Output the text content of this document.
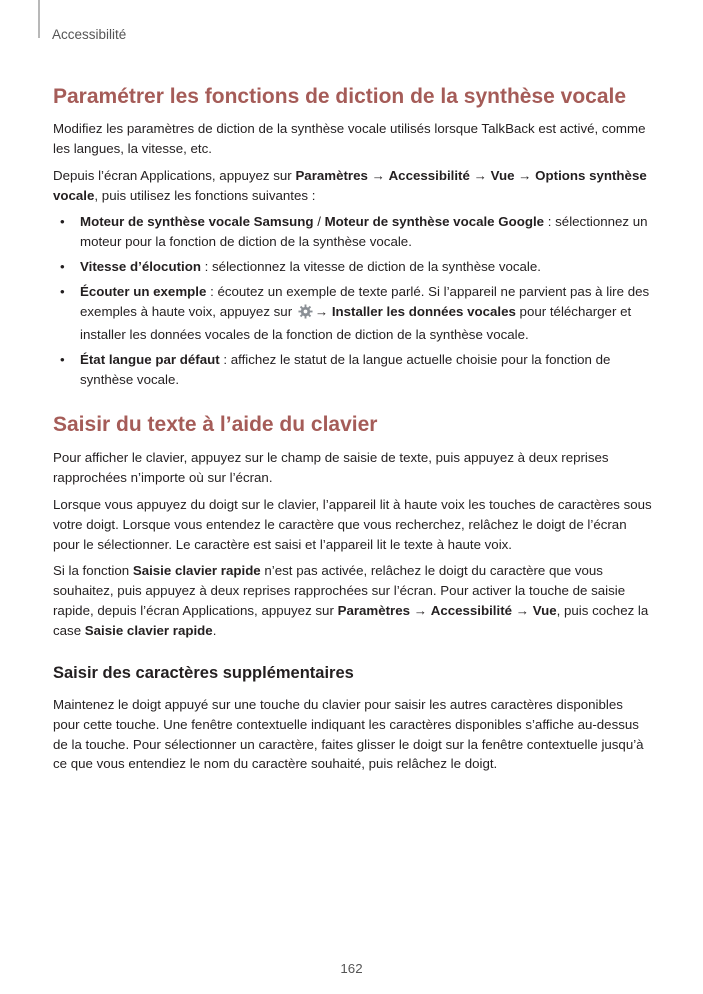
Accessibilité
Paramétrer les fonctions de diction de la synthèse vocale

Modifiez les paramètres de diction de la synthèse vocale utilisés lorsque TalkBack est activé, comme les langues, la vitesse, etc.

Depuis l’écran Applications, appuyez sur Paramètres → Accessibilité → Vue → Options synthèse vocale, puis utilisez les fonctions suivantes :

• Moteur de synthèse vocale Samsung / Moteur de synthèse vocale Google : sélectionnez un moteur pour la fonction de diction de la synthèse vocale.
• Vitesse d’élocution : sélectionnez la vitesse de diction de la synthèse vocale.
• Écouter un exemple : écoutez un exemple de texte parlé. Si l’appareil ne parvient pas à lire des exemples à haute voix, appuyez sur → Installer les données vocales pour télécharger et installer les données vocales de la fonction de diction de la synthèse vocale.
• État langue par défaut : affichez le statut de la langue actuelle choisie pour la fonction de synthèse vocale.
Saisir du texte à l’aide du clavier

Pour afficher le clavier, appuyez sur le champ de saisie de texte, puis appuyez à deux reprises rapprochées n’importe où sur l’écran.

Lorsque vous appuyez du doigt sur le clavier, l’appareil lit à haute voix les touches de caractères sous votre doigt. Lorsque vous entendez le caractère que vous recherchez, relâchez le doigt de l’écran pour le sélectionner. Le caractère est saisi et l’appareil lit le texte à haute voix.

Si la fonction Saisie clavier rapide n’est pas activée, relâchez le doigt du caractère que vous souhaitez, puis appuyez à deux reprises rapprochées sur l’écran. Pour activer la touche de saisie rapide, depuis l’écran Applications, appuyez sur Paramètres → Accessibilité → Vue, puis cochez la case Saisie clavier rapide.

Saisir des caractères supplémentaires

Maintenez le doigt appuyé sur une touche du clavier pour saisir les autres caractères disponibles pour cette touche. Une fenêtre contextuelle indiquant les caractères disponibles s’affiche au-dessus de la touche. Pour sélectionner un caractère, faites glisser le doigt sur la fenêtre contextuelle jusqu’à ce que vous entendiez le nom du caractère souhaité, puis relâchez le doigt.

162
